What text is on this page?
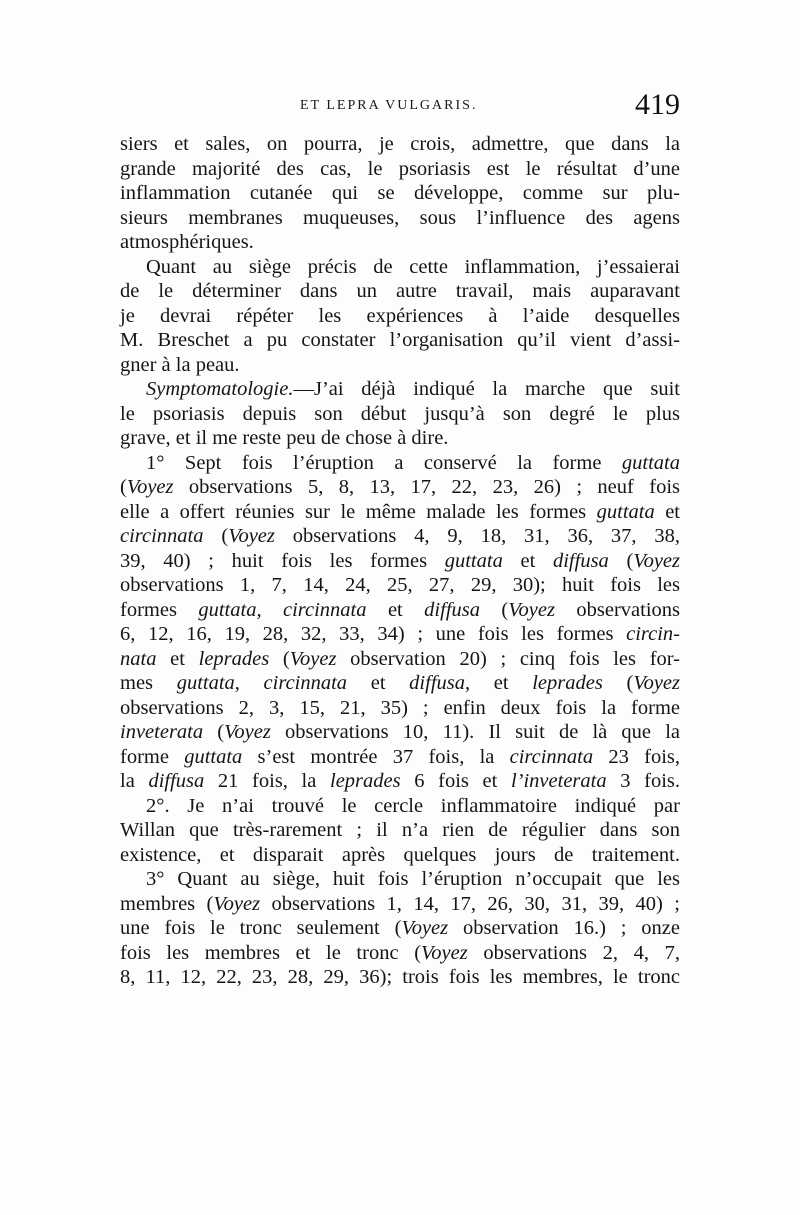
ET LEPRA VULGARIS.	419
siers et sales, on pourra, je crois, admettre, que dans la
grande majorité des cas, le psoriasis est le résultat d’une
inflammation cutanée qui se développe, comme sur plu-
sieurs membranes muqueuses, sous l’influence des agens
atmosphériques.
Quant au siège précis de cette inflammation, j’essaierai
de le déterminer dans un autre travail, mais auparavant
je devrai répéter les expériences à l’aide desquelles
M. Breschet a pu constater l’organisation qu’il vient d’assi-
gner à la peau.
Symptomatologie.—J’ai déjà indiqué la marche que suit
le psoriasis depuis son début jusqu’à son degré le plus
grave, et il me reste peu de chose à dire.
1° Sept fois l’éruption a conservé la forme guttata
(Voyez observations 5, 8, 13, 17, 22, 23, 26) ; neuf fois
elle a offert réunies sur le même malade les formes guttata et
circinnata (Voyez observations 4, 9, 18, 31, 36, 37, 38,
39, 40) ; huit fois les formes guttata et diffusa (Voyez
observations 1, 7, 14, 24, 25, 27, 29, 30); huit fois les
formes guttata, circinnata et diffusa (Voyez observations
6, 12, 16, 19, 28, 32, 33, 34) ; une fois les formes circin-
nata et leprades (Voyez observation 20) ; cinq fois les for-
mes guttata, circinnata et diffusa, et leprades (Voyez
observations 2, 3, 15, 21, 35) ; enfin deux fois la forme
inveterata (Voyez observations 10, 11). Il suit de là que la
forme guttata s’est montrée 37 fois, la circinnata 23 fois,
la diffusa 21 fois, la leprades 6 fois et l’inveterata 3 fois.
2°. Je n’ai trouvé le cercle inflammatoire indiqué par
Willan que très-rarement ; il n’a rien de régulier dans son
existence, et disparait après quelques jours de traitement.
3° Quant au siège, huit fois l’éruption n’occupait que les
membres (Voyez observations 1, 14, 17, 26, 30, 31, 39, 40) ;
une fois le tronc seulement (Voyez observation 16.) ; onze
fois les membres et le tronc (Voyez observations 2, 4, 7,
8, 11, 12, 22, 23, 28, 29, 36); trois fois les membres, le tronc
